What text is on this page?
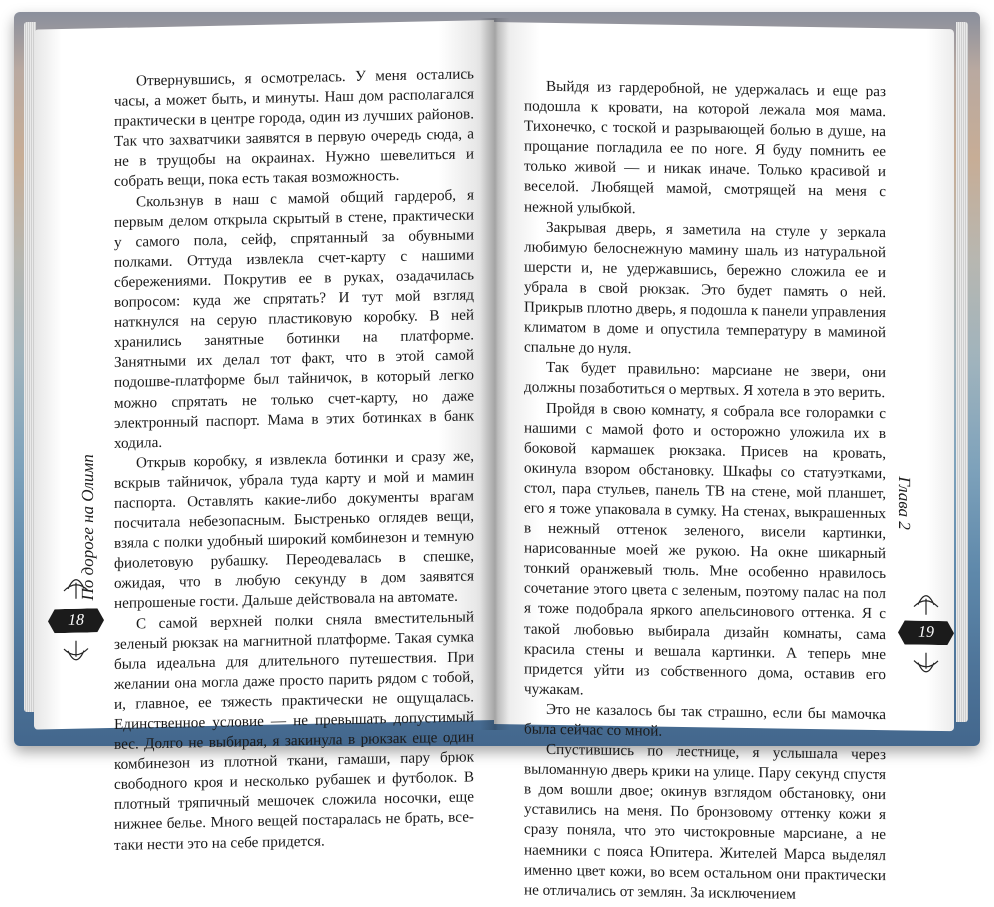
Отвернувшись, я осмотрелась. У меня остались часы, а может быть, и минуты. Наш дом располагался практически в центре города, один из лучших районов. Так что захватчики заявятся в первую очередь сюда, а не в трущобы на окраинах. Нужно шевелиться и собрать вещи, пока есть такая возможность.

Скользнув в наш с мамой общий гардероб, я первым делом открыла скрытый в стене, практически у самого пола, сейф, спрятанный за обувными полками. Оттуда извлекла счет-карту с нашими сбережениями. Покрутив ее в руках, озадачилась вопросом: куда же спрятать? И тут мой взгляд наткнулся на серую пластиковую коробку. В ней хранились занятные ботинки на платформе. Занятными их делал тот факт, что в этой самой подошве-платформе был тайничок, в который легко можно спрятать не только счет-карту, но даже электронный паспорт. Мама в этих ботинках в банк ходила.

Открыв коробку, я извлекла ботинки и сразу же, вскрыв тайничок, убрала туда карту и мой и мамин паспорта. Оставлять какие-либо документы врагам посчитала небезопасным. Быстренько оглядев вещи, взяла с полки удобный широкий комбинезон и темную фиолетовую рубашку. Переодевалась в спешке, ожидая, что в любую секунду в дом заявятся непрошеные гости. Дальше действовала на автомате.

С самой верхней полки сняла вместительный зеленый рюкзак на магнитной платформе. Такая сумка была идеальна для длительного путешествия. При желании она могла даже просто парить рядом с тобой, и, главное, ее тяжесть практически не ощущалась. Единственное условие — не превышать допустимый вес. Долго не выбирая, я закинула в рюкзак еще один комбинезон из плотной ткани, гамаши, пару брюк свободного кроя и несколько рубашек и футболок. В плотный тряпичный мешочек сложила носочки, еще нижнее белье. Много вещей постаралась не брать, все-таки нести это на себе придется.

По дороге на Олимп
18

Выйдя из гардеробной, не удержалась и еще раз подошла к кровати, на которой лежала моя мама. Тихонечко, с тоской и разрывающей болью в душе, на прощание погладила ее по ноге. Я буду помнить ее только живой — и никак иначе. Только красивой и веселой. Любящей мамой, смотрящей на меня с нежной улыбкой.

Закрывая дверь, я заметила на стуле у зеркала любимую белоснежную мамину шаль из натуральной шерсти и, не удержавшись, бережно сложила ее и убрала в свой рюкзак. Это будет память о ней. Прикрыв плотно дверь, я подошла к панели управления климатом в доме и опустила температуру в маминой спальне до нуля.

Так будет правильно: марсиане не звери, они должны позаботиться о мертвых. Я хотела в это верить.

Пройдя в свою комнату, я собрала все голорамки с нашими с мамой фото и осторожно уложила их в боковой кармашек рюкзака. Присев на кровать, окинула взором обстановку. Шкафы со статуэтками, стол, пара стульев, панель ТВ на стене, мой планшет, его я тоже упаковала в сумку. На стенах, выкрашенных в нежный оттенок зеленого, висели картинки, нарисованные моей же рукою. На окне шикарный тонкий оранжевый тюль. Мне особенно нравилось сочетание этого цвета с зеленым, поэтому палас на пол я тоже подобрала яркого апельсинового оттенка. Я с такой любовью выбирала дизайн комнаты, сама красила стены и вешала картинки. А теперь мне придется уйти из собственного дома, оставив его чужакам.

Это не казалось бы так страшно, если бы мамочка была сейчас со мной.

Спустившись по лестнице, я услышала через выломанную дверь крики на улице. Пару секунд спустя в дом вошли двое; окинув взглядом обстановку, они уставились на меня. По бронзовому оттенку кожи я сразу поняла, что это чистокровные марсиане, а не наемники с пояса Юпитера. Жителей Марса выделял именно цвет кожи, во всем остальном они практически не отличались от землян. За исключением

Глава 2
19
